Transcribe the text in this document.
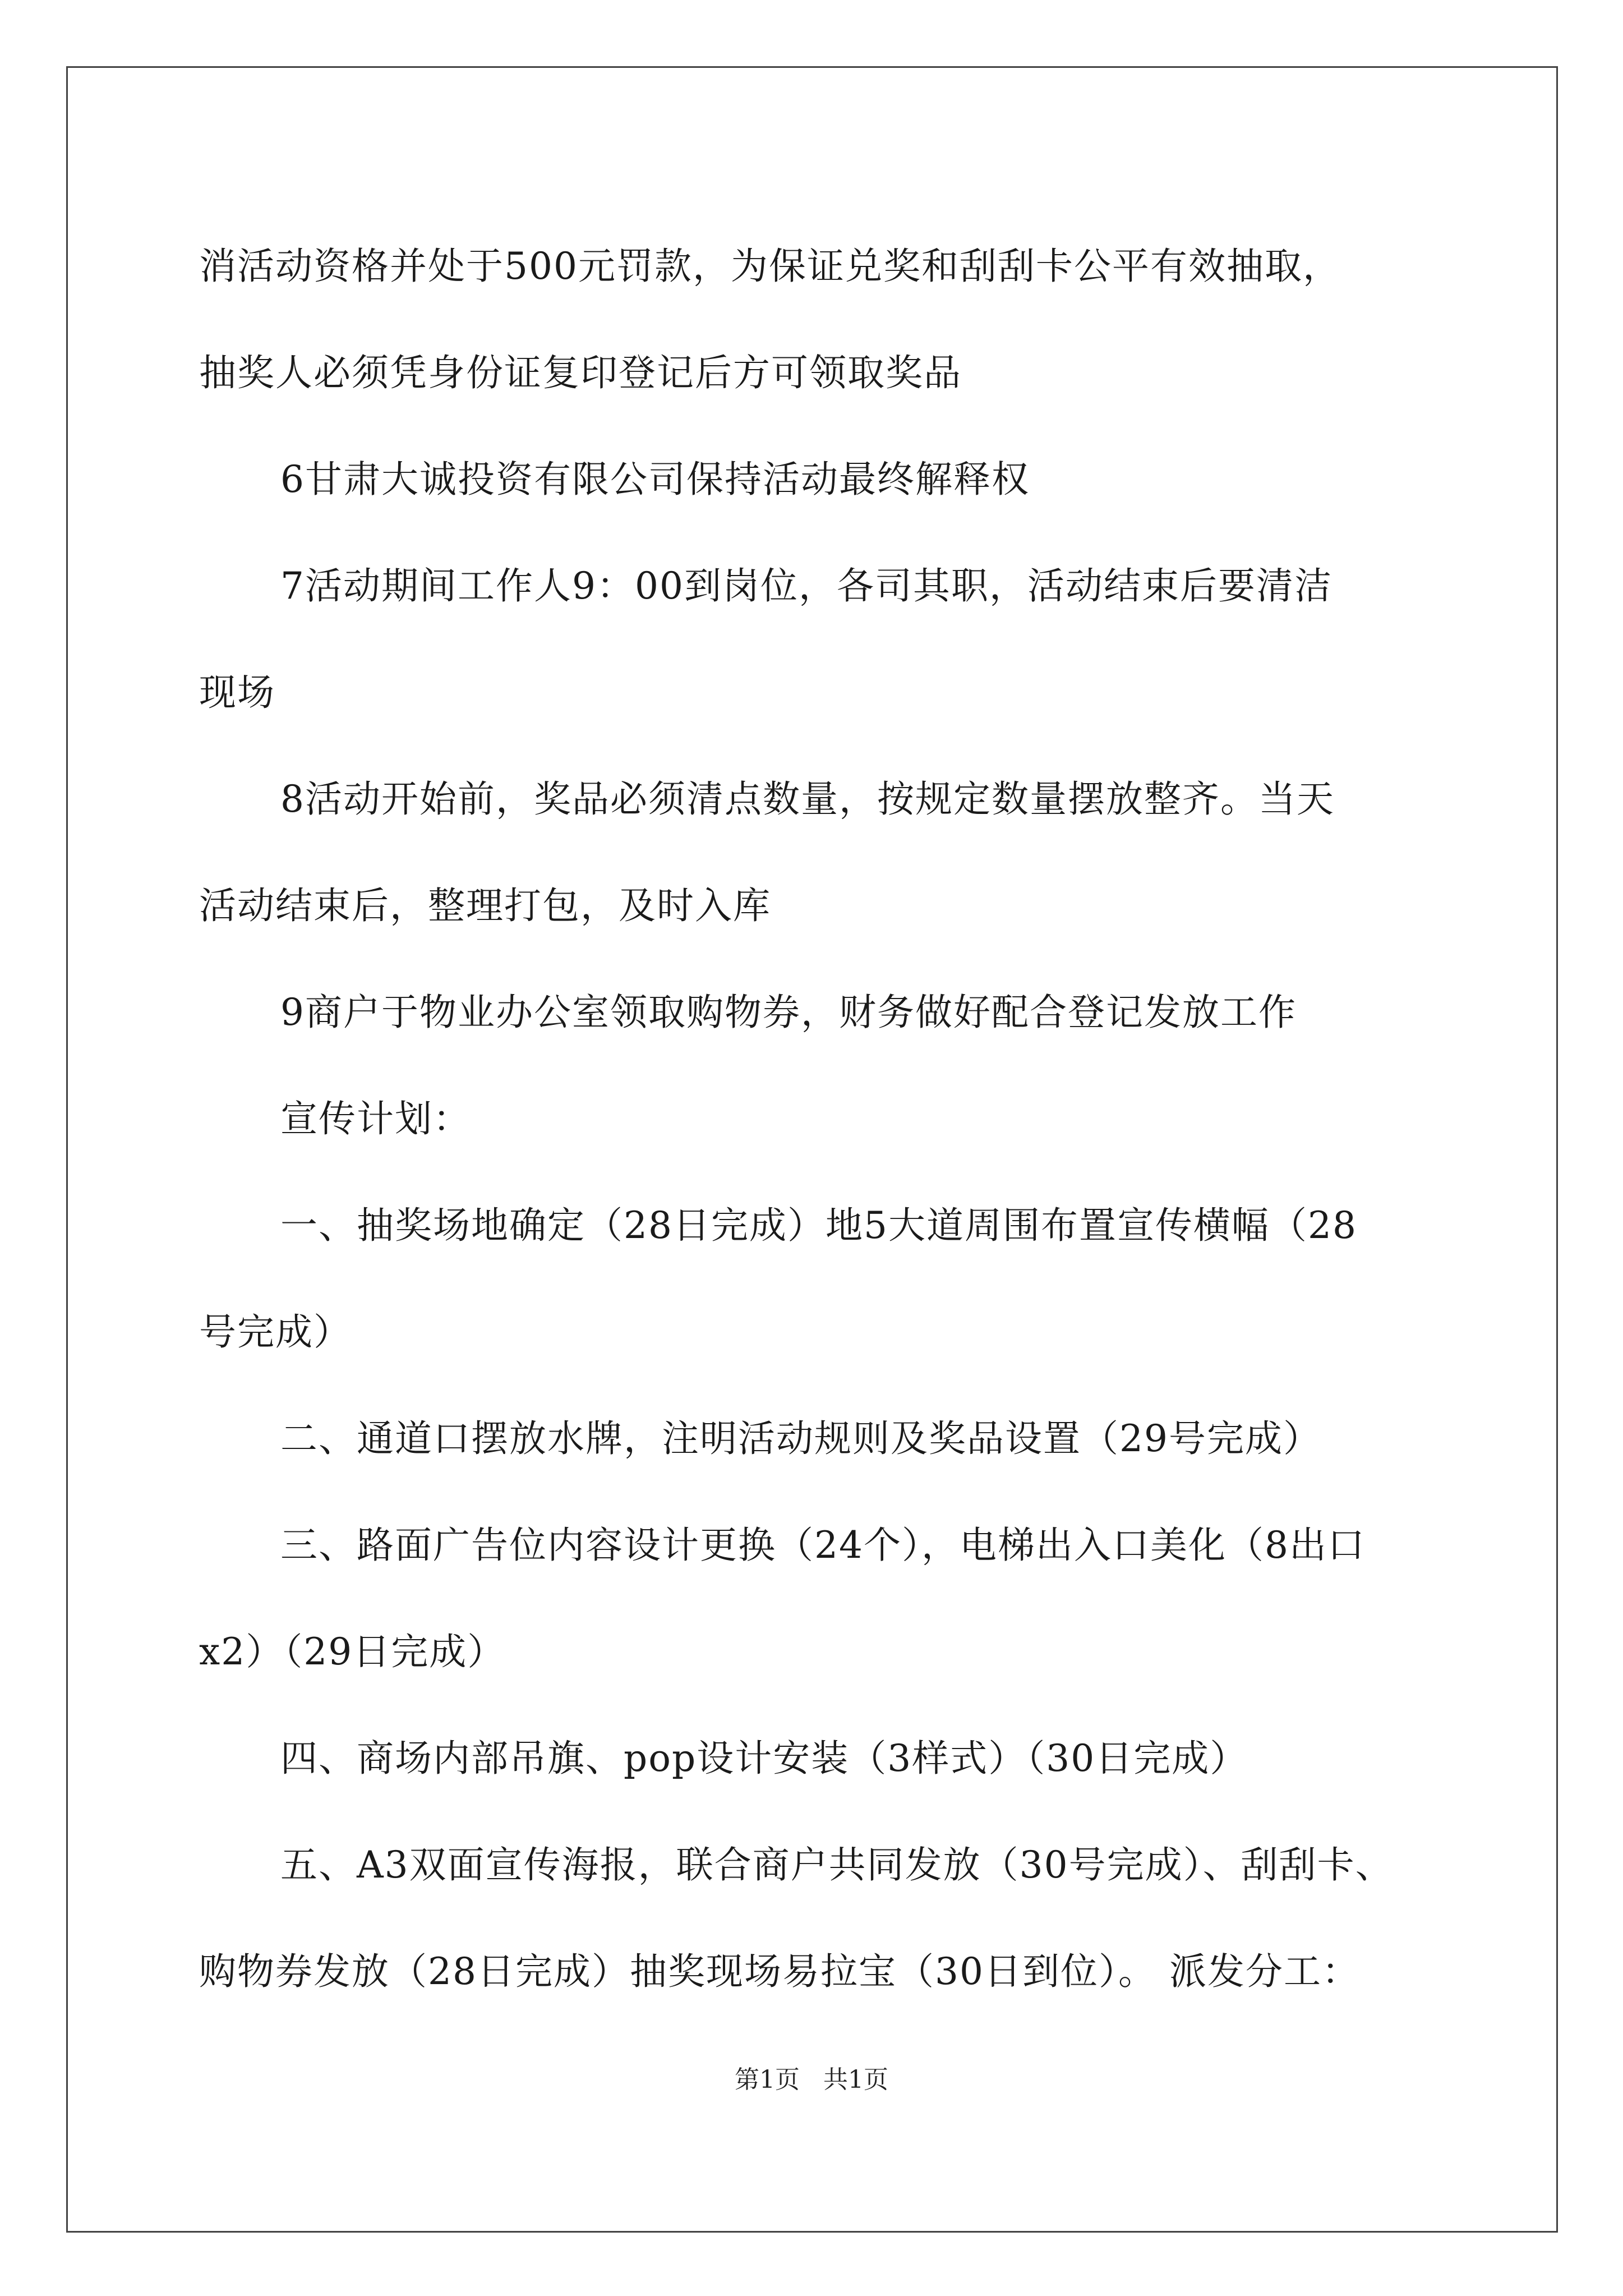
消活动资格并处于500元罚款，为保证兑奖和刮刮卡公平有效抽取，
抽奖人必须凭身份证复印登记后方可领取奖品
6甘肃大诚投资有限公司保持活动最终解释权
7活动期间工作人9：00到岗位，各司其职，活动结束后要清洁
现场
8活动开始前，奖品必须清点数量，按规定数量摆放整齐。当天
活动结束后，整理打包，及时入库
9商户于物业办公室领取购物券，财务做好配合登记发放工作
宣传计划：
一、抽奖场地确定（28日完成）地5大道周围布置宣传横幅（28
号完成）
二、通道口摆放水牌，注明活动规则及奖品设置（29号完成）
三、路面广告位内容设计更换（24个），电梯出入口美化（8出口
x2）（29日完成）
四、商场内部吊旗、pop设计安装（3样式）（30日完成）
五、A3双面宣传海报，联合商户共同发放（30号完成）、刮刮卡、
购物券发放（28日完成）抽奖现场易拉宝（30日到位）。 派发分工：
第1页   共1页
